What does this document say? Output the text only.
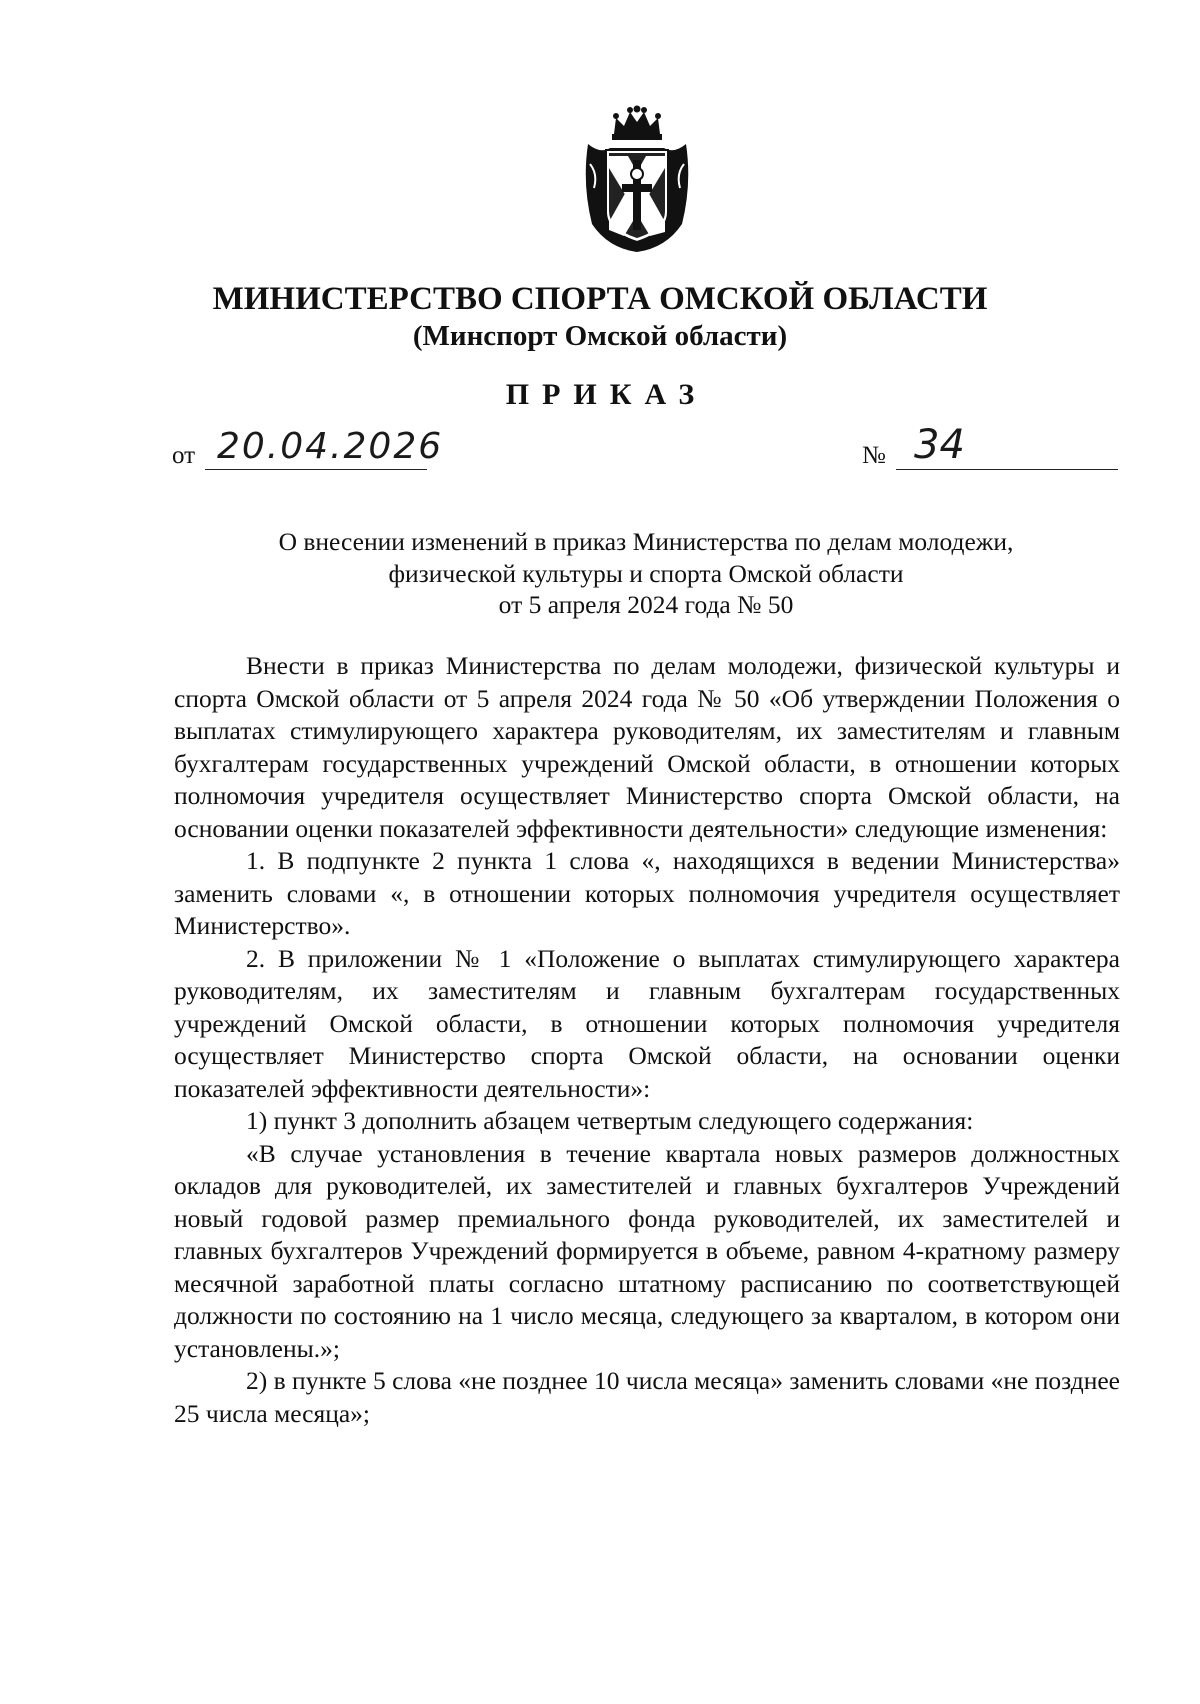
МИНИСТЕРСТВО СПОРТА ОМСКОЙ ОБЛАСТИ
(Минспорт Омской области)
ПРИКАЗ
от 20.04.2026	№ 34
О внесении изменений в приказ Министерства по делам молодежи,
физической культуры и спорта Омской области
от 5 апреля 2024 года № 50

Внести в приказ Министерства по делам молодежи, физической культуры и спорта Омской области от 5 апреля 2024 года № 50 «Об утверждении Положения о выплатах стимулирующего характера руководителям, их заместителям и главным бухгалтерам государственных учреждений Омской области, в отношении которых полномочия учредителя осуществляет Министерство спорта Омской области, на основании оценки показателей эффективности деятельности» следующие изменения:

1. В подпункте 2 пункта 1 слова «, находящихся в ведении Министерства» заменить словами «, в отношении которых полномочия учредителя осуществляет Министерство».

2. В приложении № 1 «Положение о выплатах стимулирующего характера руководителям, их заместителям и главным бухгалтерам государственных учреждений Омской области, в отношении которых полномочия учредителя осуществляет Министерство спорта Омской области, на основании оценки показателей эффективности деятельности»:

1) пункт 3 дополнить абзацем четвертым следующего содержания:

«В случае установления в течение квартала новых размеров должностных окладов для руководителей, их заместителей и главных бухгалтеров Учреждений новый годовой размер премиального фонда руководителей, их заместителей и главных бухгалтеров Учреждений формируется в объеме, равном 4-кратному размеру месячной заработной платы согласно штатному расписанию по соответствующей должности по состоянию на 1 число месяца, следующего за кварталом, в котором они установлены.»;

2) в пункте 5 слова «не позднее 10 числа месяца» заменить словами «не позднее 25 числа месяца»;
